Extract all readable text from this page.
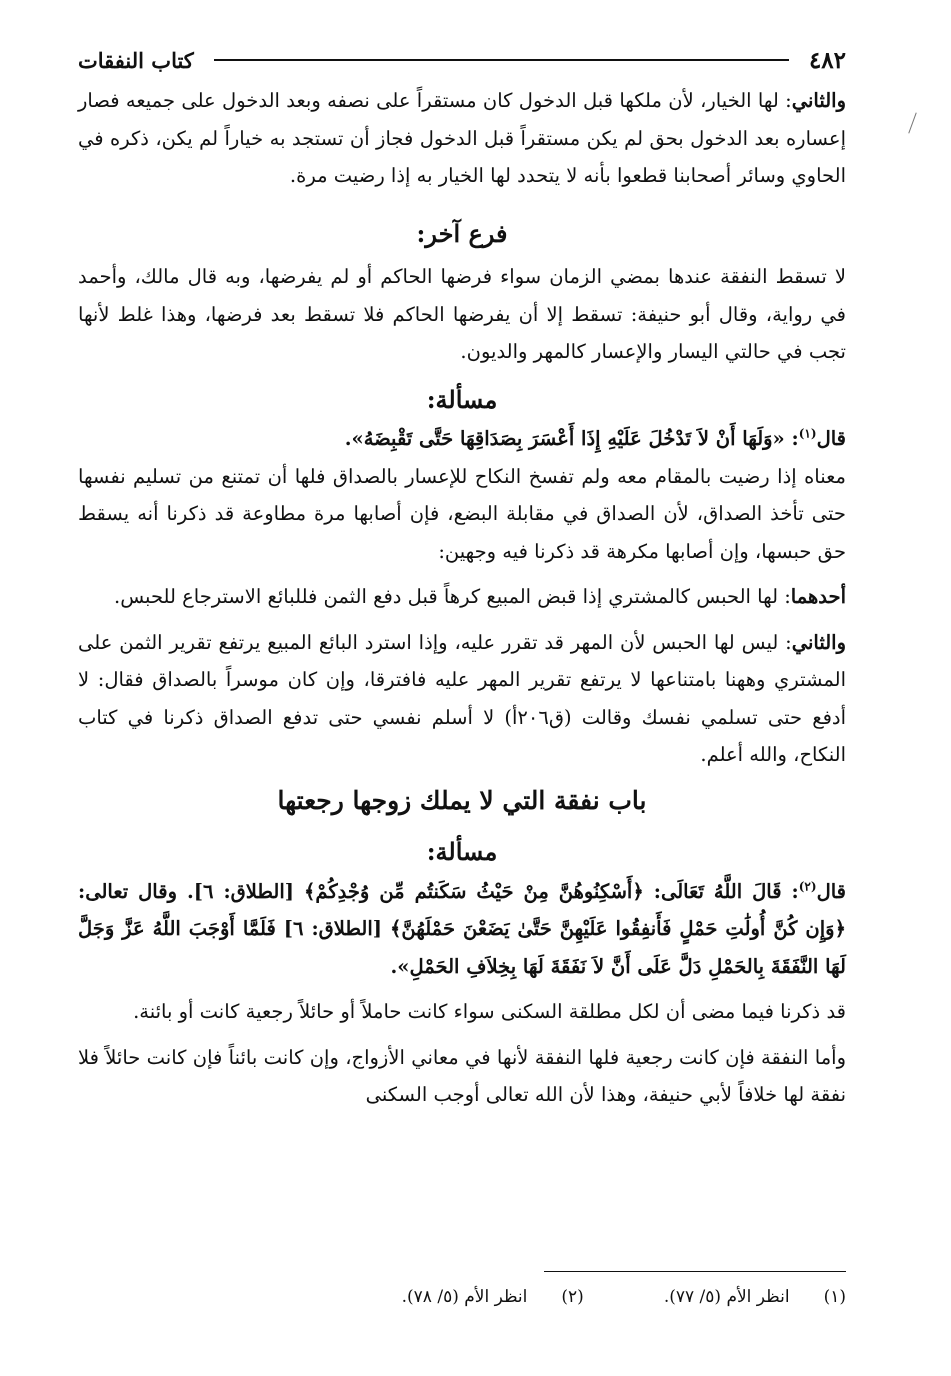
٤٨٢
كتاب النفقات

والثاني: لها الخيار، لأن ملكها قبل الدخول كان مستقراً على نصفه وبعد الدخول على جميعه فصار إعساره بعد الدخول بحق لم يكن مستقراً قبل الدخول فجاز أن تستجد به خياراً لم يكن، ذكره في الحاوي وسائر أصحابنا قطعوا بأنه لا يتحدد لها الخيار به إذا رضيت مرة.

فرع آخر:

لا تسقط النفقة عندها بمضي الزمان سواء فرضها الحاكم أو لم يفرضها، وبه قال مالك، وأحمد في رواية، وقال أبو حنيفة: تسقط إلا أن يفرضها الحاكم فلا تسقط بعد فرضها، وهذا غلط لأنها تجب في حالتي اليسار والإعسار كالمهر والديون.

مسألة:

قال$^{(١)}$: «وَلَهَا أَنْ لاَ تَدْخُلَ عَلَيْهِ إِذَا أَعْسَرَ بِصَدَاقِهَا حَتَّى تَقْبِضَهُ».

معناه إذا رضيت بالمقام معه ولم تفسخ النكاح للإعسار بالصداق فلها أن تمتنع من تسليم نفسها حتى تأخذ الصداق، لأن الصداق في مقابلة البضع، فإن أصابها مرة مطاوعة قد ذكرنا أنه يسقط حق حبسها، وإن أصابها مكرهة قد ذكرنا فيه وجهين:

أحدهما: لها الحبس كالمشتري إذا قبض المبيع كرهاً قبل دفع الثمن فللبائع الاسترجاع للحبس.

والثاني: ليس لها الحبس لأن المهر قد تقرر عليه، وإذا استرد البائع المبيع يرتفع تقرير الثمن على المشتري وههنا بامتناعها لا يرتفع تقرير المهر عليه فافترقا، وإن كان موسراً بالصداق فقال: لا أدفع حتى تسلمي نفسك وقالت (ق٢٠٦أ) لا أسلم نفسي حتى تدفع الصداق ذكرنا في كتاب النكاح، والله أعلم.

باب نفقة التي لا يملك زوجها رجعتها
مسألة:

قال$^{(٢)}$: قَالَ اللَّهُ تَعَالَى: ﴿أَسْكِنُوهُنَّ مِنْ حَيْثُ سَكَنتُم مِّن وُجْدِكُمْ﴾ [الطلاق: ٦]. وقال تعالى: ﴿وَإِن كُنَّ أُولَٰتِ حَمْلٍ فَأَنفِقُوا عَلَيْهِنَّ حَتَّىٰ يَضَعْنَ حَمْلَهُنَّ﴾ [الطلاق: ٦] فَلَمَّا أَوْجَبَ اللَّهُ عَزَّ وَجَلَّ لَهَا النَّفَقَةَ بِالحَمْلِ دَلَّ عَلَى أَنَّ لاَ نَفَقَةَ لَهَا بِخِلاَفِ الحَمْلِ».

قد ذكرنا فيما مضى أن لكل مطلقة السكنى سواء كانت حاملاً أو حائلاً رجعية كانت أو بائنة.

وأما النفقة فإن كانت رجعية فلها النفقة لأنها في معاني الأزواج، وإن كانت بائناً فإن كانت حائلاً فلا نفقة لها خلافاً لأبي حنيفة، وهذا لأن الله تعالى أوجب السكنى

(١)
انظر الأم (٥/ ٧٧).
(٢)
انظر الأم (٥/ ٧٨).
